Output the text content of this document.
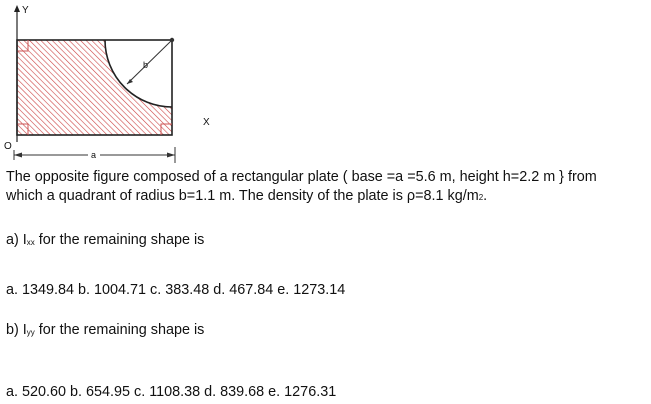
b
Y
X
O
a

The opposite figure composed of a rectangular plate ( base =a =5.6 m, height h=2.2 m } from

which a quadrant of radius b=1.1 m. The density of the plate is ρ=8.1 kg/m2.

a) Ixx for the remaining shape is

a. 1349.84 b. 1004.71 c. 383.48 d. 467.84 e. 1273.14

b) Iyy for the remaining shape is

a. 520.60 b. 654.95 c. 1108.38 d. 839.68 e. 1276.31
